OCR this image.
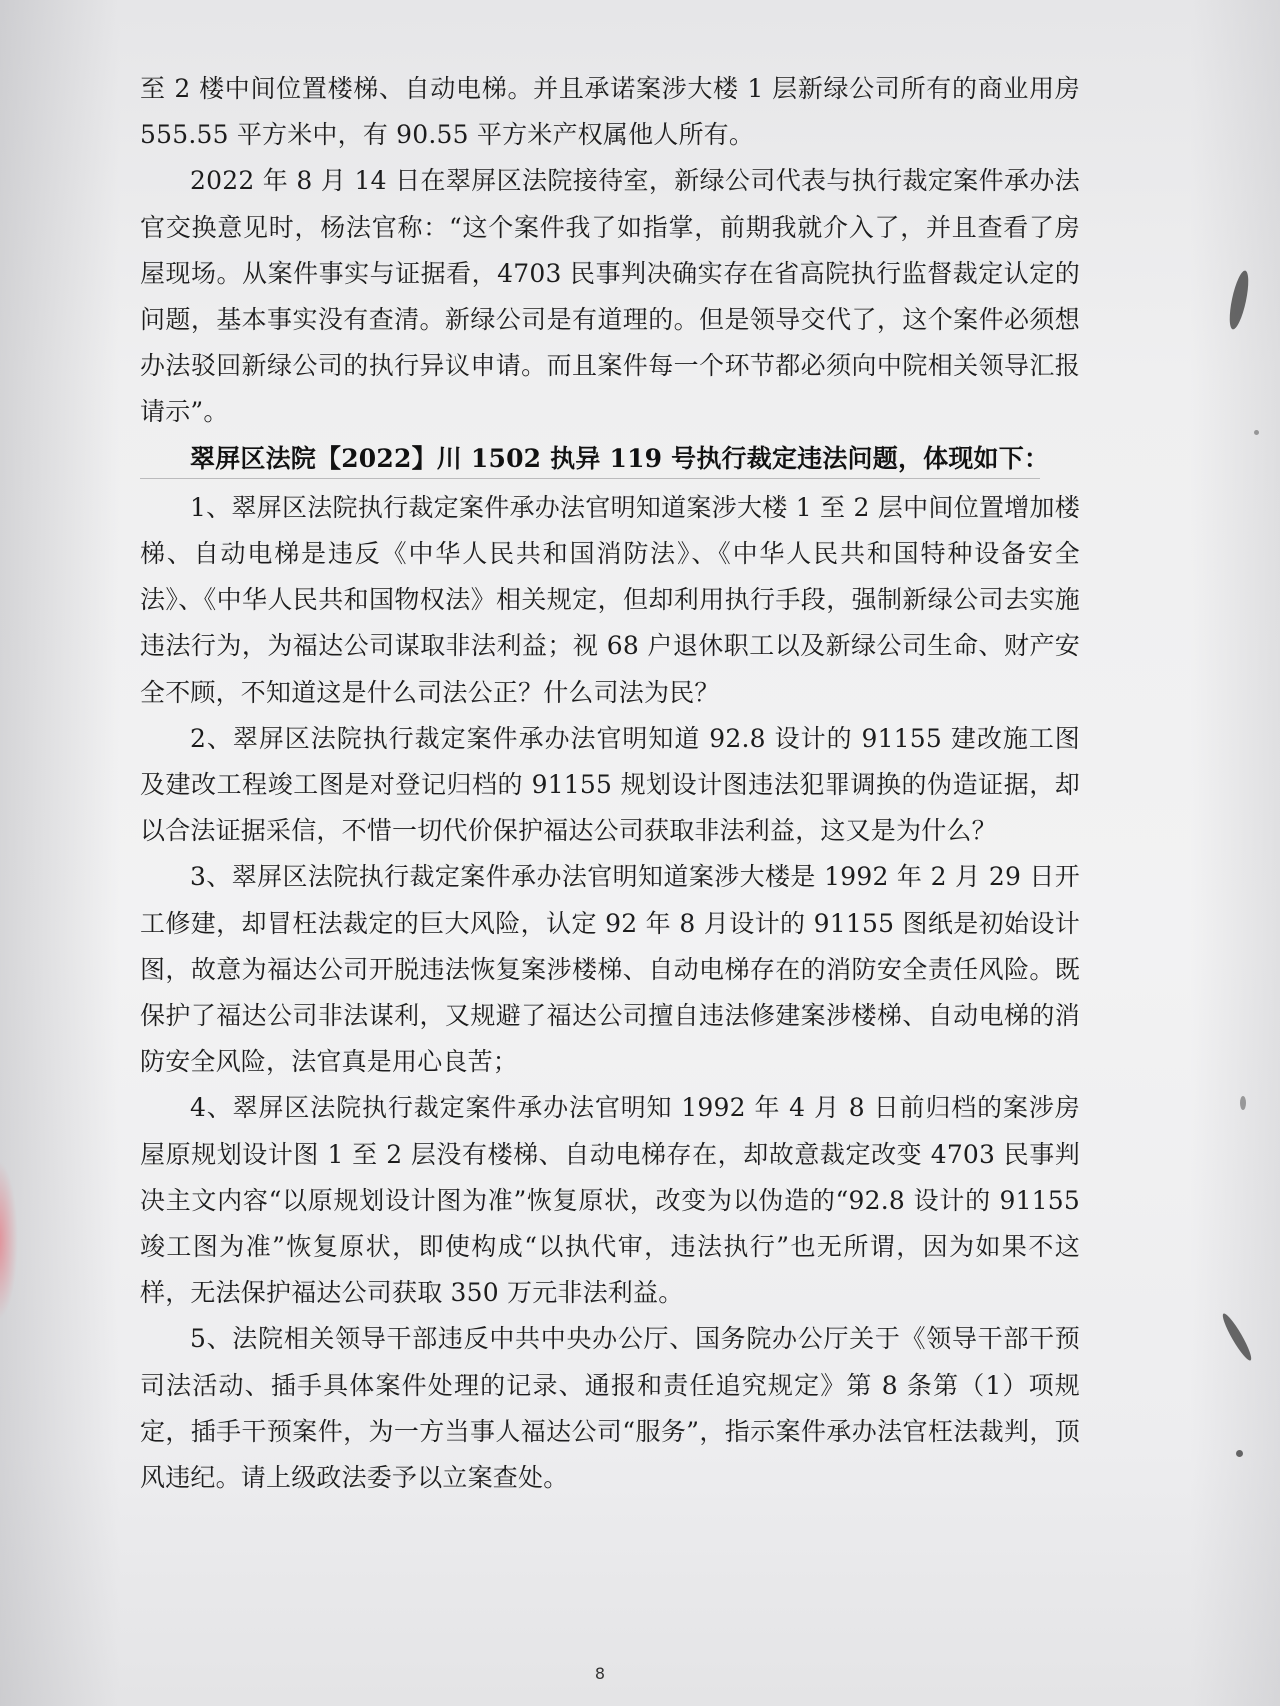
至 2 楼中间位置楼梯、自动电梯。并且承诺案涉大楼 1 层新绿公司所有的商业用房 555.55 平方米中，有 90.55 平方米产权属他人所有。

2022 年 8 月 14 日在翠屏区法院接待室，新绿公司代表与执行裁定案件承办法官交换意见时，杨法官称：“这个案件我了如指掌，前期我就介入了，并且查看了房屋现场。从案件事实与证据看，4703 民事判决确实存在省高院执行监督裁定认定的问题，基本事实没有查清。新绿公司是有道理的。但是领导交代了，这个案件必须想办法驳回新绿公司的执行异议申请。而且案件每一个环节都必须向中院相关领导汇报请示”。

翠屏区法院【2022】川 1502 执异 119 号执行裁定违法问题，体现如下：

1、翠屏区法院执行裁定案件承办法官明知道案涉大楼 1 至 2 层中间位置增加楼梯、自动电梯是违反《中华人民共和国消防法》、《中华人民共和国特种设备安全法》、《中华人民共和国物权法》相关规定，但却利用执行手段，强制新绿公司去实施违法行为，为福达公司谋取非法利益；视 68 户退休职工以及新绿公司生命、财产安全不顾，不知道这是什么司法公正？什么司法为民？

2、翠屏区法院执行裁定案件承办法官明知道 92.8 设计的 91155 建改施工图及建改工程竣工图是对登记归档的 91155 规划设计图违法犯罪调换的伪造证据，却以合法证据采信，不惜一切代价保护福达公司获取非法利益，这又是为什么？

3、翠屏区法院执行裁定案件承办法官明知道案涉大楼是 1992 年 2 月 29 日开工修建，却冒枉法裁定的巨大风险，认定 92 年 8 月设计的 91155 图纸是初始设计图，故意为福达公司开脱违法恢复案涉楼梯、自动电梯存在的消防安全责任风险。既保护了福达公司非法谋利，又规避了福达公司擅自违法修建案涉楼梯、自动电梯的消防安全风险，法官真是用心良苦；

4、翠屏区法院执行裁定案件承办法官明知 1992 年 4 月 8 日前归档的案涉房屋原规划设计图 1 至 2 层没有楼梯、自动电梯存在，却故意裁定改变 4703 民事判决主文内容“以原规划设计图为准”恢复原状，改变为以伪造的“92.8 设计的 91155 竣工图为准”恢复原状，即使构成“以执代审，违法执行”也无所谓，因为如果不这样，无法保护福达公司获取 350 万元非法利益。

5、法院相关领导干部违反中共中央办公厅、国务院办公厅关于《领导干部干预司法活动、插手具体案件处理的记录、通报和责任追究规定》第 8 条第（1）项规定，插手干预案件，为一方当事人福达公司“服务”，指示案件承办法官枉法裁判，顶风违纪。请上级政法委予以立案查处。

8
